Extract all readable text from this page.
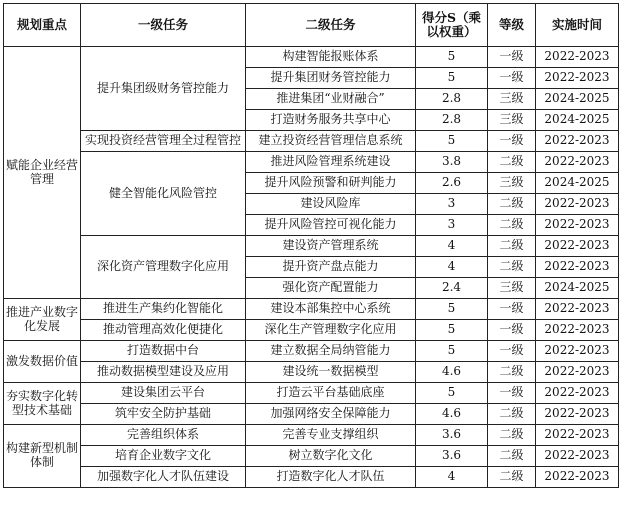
规划重点	一级任务	二级任务	得分S（乘以权重）	等级	实施时间
赋能企业经营管理	提升集团级财务管控能力	构建智能报账体系	5	一级	2022-2023
		提升集团财务管控能力	5	一级	2022-2023
		推进集团“业财融合”	2.8	三级	2024-2025
		打造财务服务共享中心	2.8	三级	2024-2025
	实现投资经营管理全过程管控	建立投资经营管理信息系统	5	一级	2022-2023
	健全智能化风险管控	推进风险管理系统建设	3.8	二级	2022-2023
		提升风险预警和研判能力	2.6	三级	2024-2025
		建设风险库	3	二级	2022-2023
		提升风险管控可视化能力	3	二级	2022-2023
	深化资产管理数字化应用	建设资产管理系统	4	二级	2022-2023
		提升资产盘点能力	4	二级	2022-2023
		强化资产配置能力	2.4	三级	2024-2025
推进产业数字化发展	推进生产集约化智能化	建设本部集控中心系统	5	一级	2022-2023
	推动管理高效化便捷化	深化生产管理数字化应用	5	一级	2022-2023
激发数据价值	打造数据中台	建立数据全局纳管能力	5	一级	2022-2023
	推动数据模型建设及应用	建设统一数据模型	4.6	二级	2022-2023
夯实数字化转型技术基础	建设集团云平台	打造云平台基础底座	5	一级	2022-2023
	筑牢安全防护基础	加强网络安全保障能力	4.6	二级	2022-2023
构建新型机制体制	完善组织体系	完善专业支撑组织	3.6	二级	2022-2023
	培育企业数字文化	树立数字化文化	3.6	二级	2022-2023
	加强数字化人才队伍建设	打造数字化人才队伍	4	二级	2022-2023
